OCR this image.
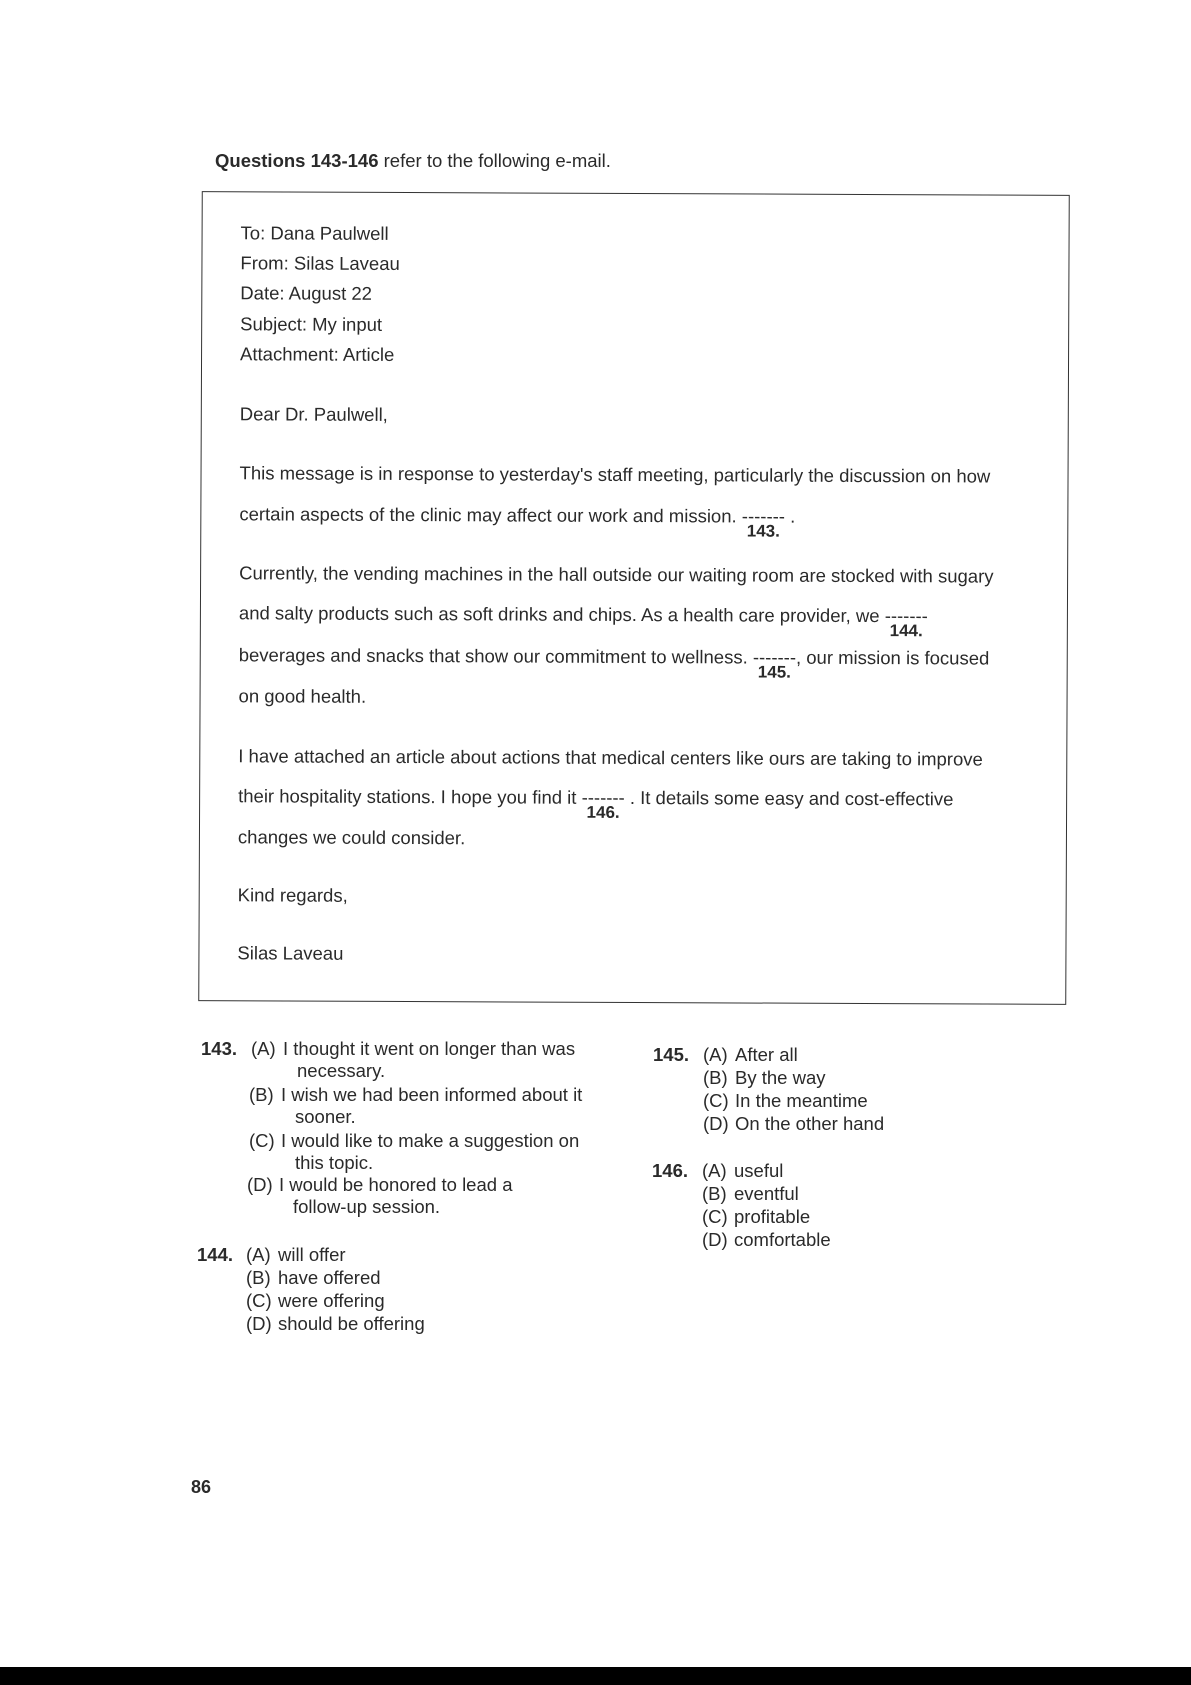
Questions 143-146 refer to the following e-mail.
To: Dana Paulwell
From: Silas Laveau
Date: August 22
Subject: My input
Attachment: Article
Dear Dr. Paulwell,
This message is in response to yesterday's staff meeting, particularly the discussion on how
certain aspects of the clinic may affect our work and mission. -------
143.
.
Currently, the vending machines in the hall outside our waiting room are stocked with sugary
and salty products such as soft drinks and chips. As a health care provider, we -------
144.
beverages and snacks that show our commitment to wellness. -------
145.
, our mission is focused
on good health.
I have attached an article about actions that medical centers like ours are taking to improve
their hospitality stations. I hope you find it -------
146.
. It details some easy and cost-effective
changes we could consider.
Kind regards,
Silas Laveau
143. (A) I thought it went on longer than was
necessary.
(B) I wish we had been informed about it
sooner.
(C) I would like to make a suggestion on
this topic.
(D) I would be honored to lead a
follow-up session.
144. (A) will offer
(B) have offered
(C) were offering
(D) should be offering
145. (A) After all
(B) By the way
(C) In the meantime
(D) On the other hand
146. (A) useful
(B) eventful
(C) profitable
(D) comfortable
86
